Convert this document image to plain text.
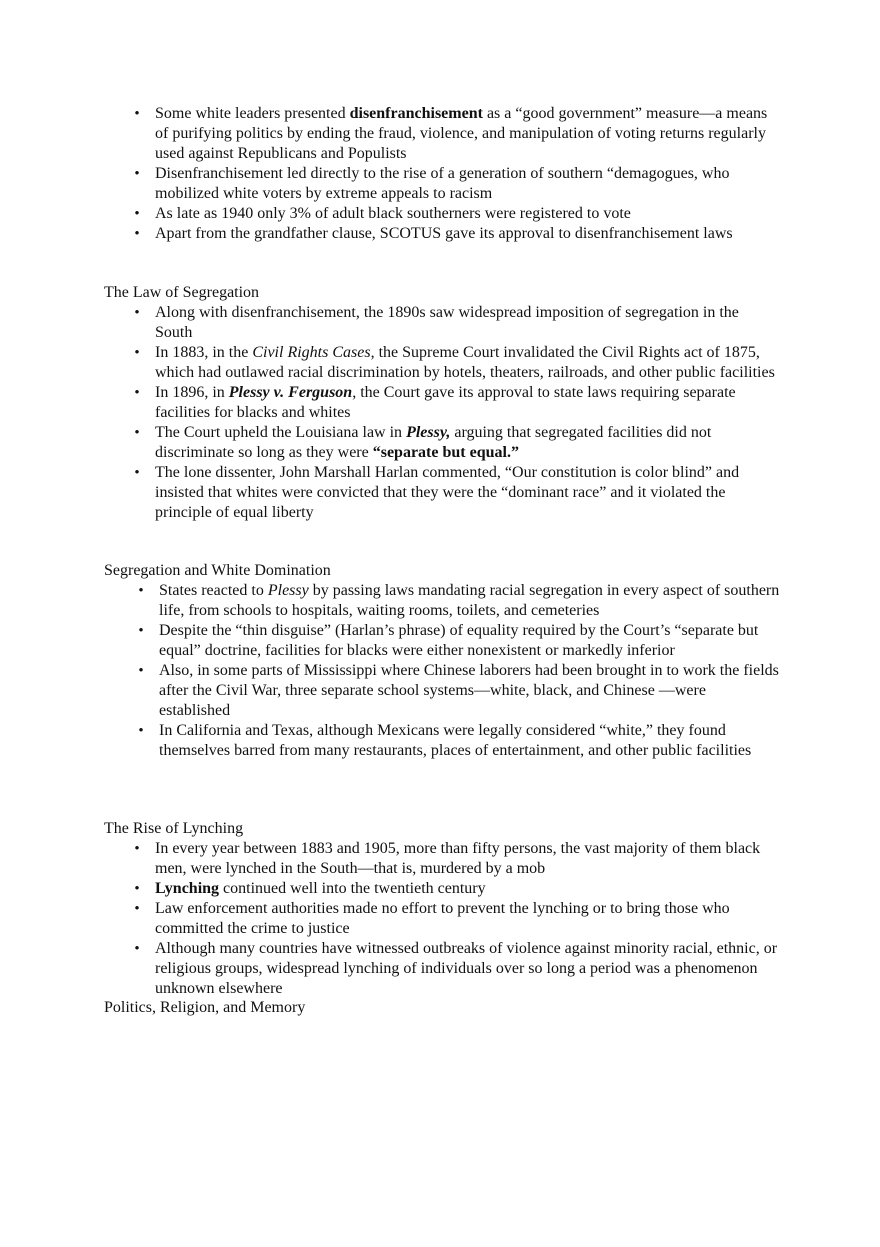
• Some white leaders presented disenfranchisement as a “good government” measure—a means of purifying politics by ending the fraud, violence, and manipulation of voting returns regularly used against Republicans and Populists
• Disenfranchisement led directly to the rise of a generation of southern “demagogues, who mobilized white voters by extreme appeals to racism
• As late as 1940 only 3% of adult black southerners were registered to vote
• Apart from the grandfather clause, SCOTUS gave its approval to disenfranchisement laws
The Law of Segregation
• Along with disenfranchisement, the 1890s saw widespread imposition of segregation in the South
• In 1883, in the Civil Rights Cases, the Supreme Court invalidated the Civil Rights act of 1875, which had outlawed racial discrimination by hotels, theaters, railroads, and other public facilities
• In 1896, in Plessy v. Ferguson, the Court gave its approval to state laws requiring separate facilities for blacks and whites
• The Court upheld the Louisiana law in Plessy, arguing that segregated facilities did not discriminate so long as they were “separate but equal.”
• The lone dissenter, John Marshall Harlan commented, “Our constitution is color blind” and insisted that whites were convicted that they were the “dominant race” and it violated the principle of equal liberty
Segregation and White Domination
• States reacted to Plessy by passing laws mandating racial segregation in every aspect of southern life, from schools to hospitals, waiting rooms, toilets, and cemeteries
• Despite the “thin disguise” (Harlan’s phrase) of equality required by the Court’s “separate but equal” doctrine, facilities for blacks were either nonexistent or markedly inferior
• Also, in some parts of Mississippi where Chinese laborers had been brought in to work the fields after the Civil War, three separate school systems—white, black, and Chinese —were established
• In California and Texas, although Mexicans were legally considered “white,” they found themselves barred from many restaurants, places of entertainment, and other public facilities
The Rise of Lynching
• In every year between 1883 and 1905, more than fifty persons, the vast majority of them black men, were lynched in the South—that is, murdered by a mob
• Lynching continued well into the twentieth century
• Law enforcement authorities made no effort to prevent the lynching or to bring those who committed the crime to justice
• Although many countries have witnessed outbreaks of violence against minority racial, ethnic, or religious groups, widespread lynching of individuals over so long a period was a phenomenon unknown elsewhere
Politics, Religion, and Memory
